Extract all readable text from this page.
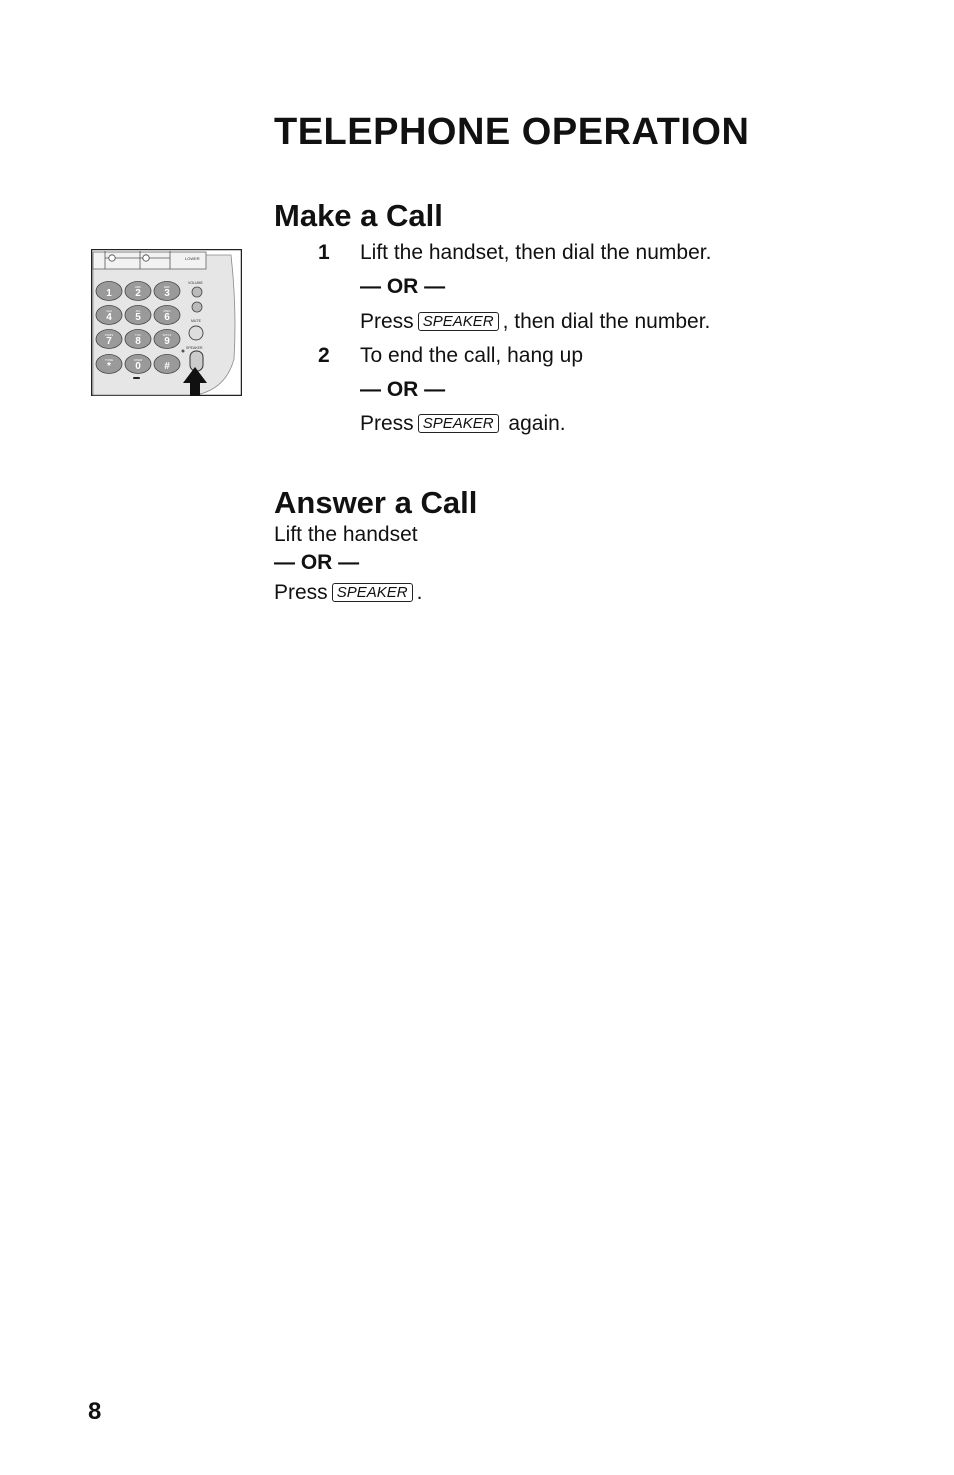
TELEPHONE OPERATION
Make a Call
1 Lift the handset, then dial the number.
— OR —
Press SPEAKER , then dial the number.
2 To end the call, hang up
— OR —
Press SPEAKER again.
Answer a Call
Lift the handset
— OR —
Press SPEAKER .
LOWER
1 2
ABC
3
DEF
4
GHI
5
JKL
6
MNO
7
PQRS
8
TUV
9
WXYZ
*
TONE
0
OPER
#
VOLUME
MUTE
SPEAKER
8
